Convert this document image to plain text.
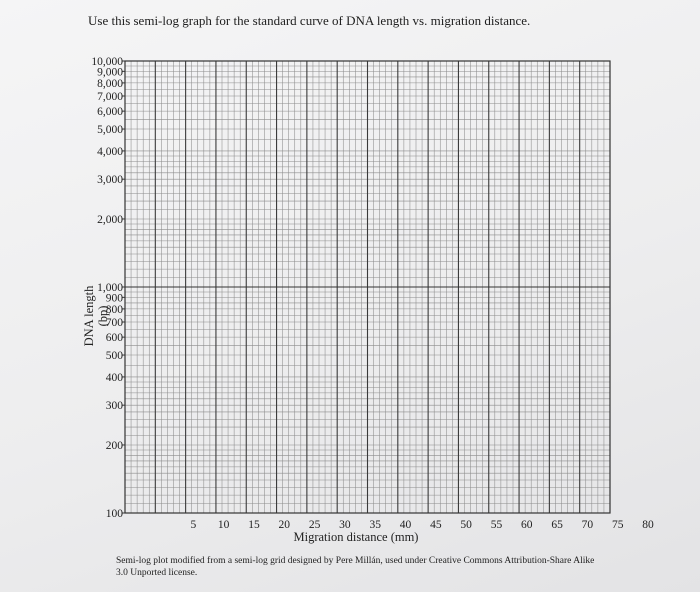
Use this semi-log graph for the standard curve of DNA length vs. migration distance.
10,000
9,000
8,000
7,000
6,000
5,000
4,000
3,000
2,000
1,000
900
800
700
600
500
400
300
200
100
5 10 15 20 25 30 35 40 45 50 55 60 65 70 75 80
DNA length (bp)
Migration distance (mm)
Semi-log plot modified from a semi-log grid designed by Pere Millán, used under Creative Commons Attribution-Share Alike 3.0 Unported license.
